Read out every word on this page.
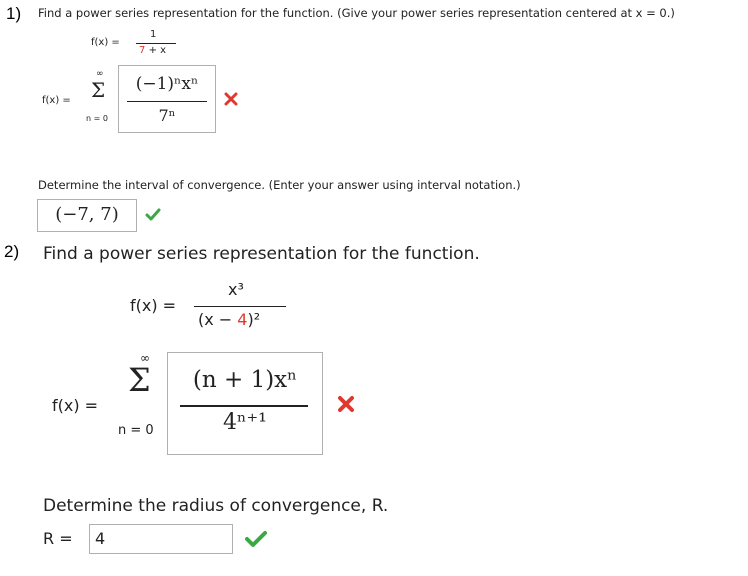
1) Find a power series representation for the function. (Give your power series representation centered at x = 0.)
f(x) =
1
7 + x
f(x) =
∞
Σ
n = 0
(−1)ⁿxⁿ
7ⁿ
Determine the interval of convergence. (Enter your answer using interval notation.)
(−7, 7)
2) Find a power series representation for the function.
f(x) =
x³
(x − 4)²
f(x) =
∞
Σ
n = 0
(n + 1)xⁿ
4ⁿ⁺¹
Determine the radius of convergence, R.
R = 4
